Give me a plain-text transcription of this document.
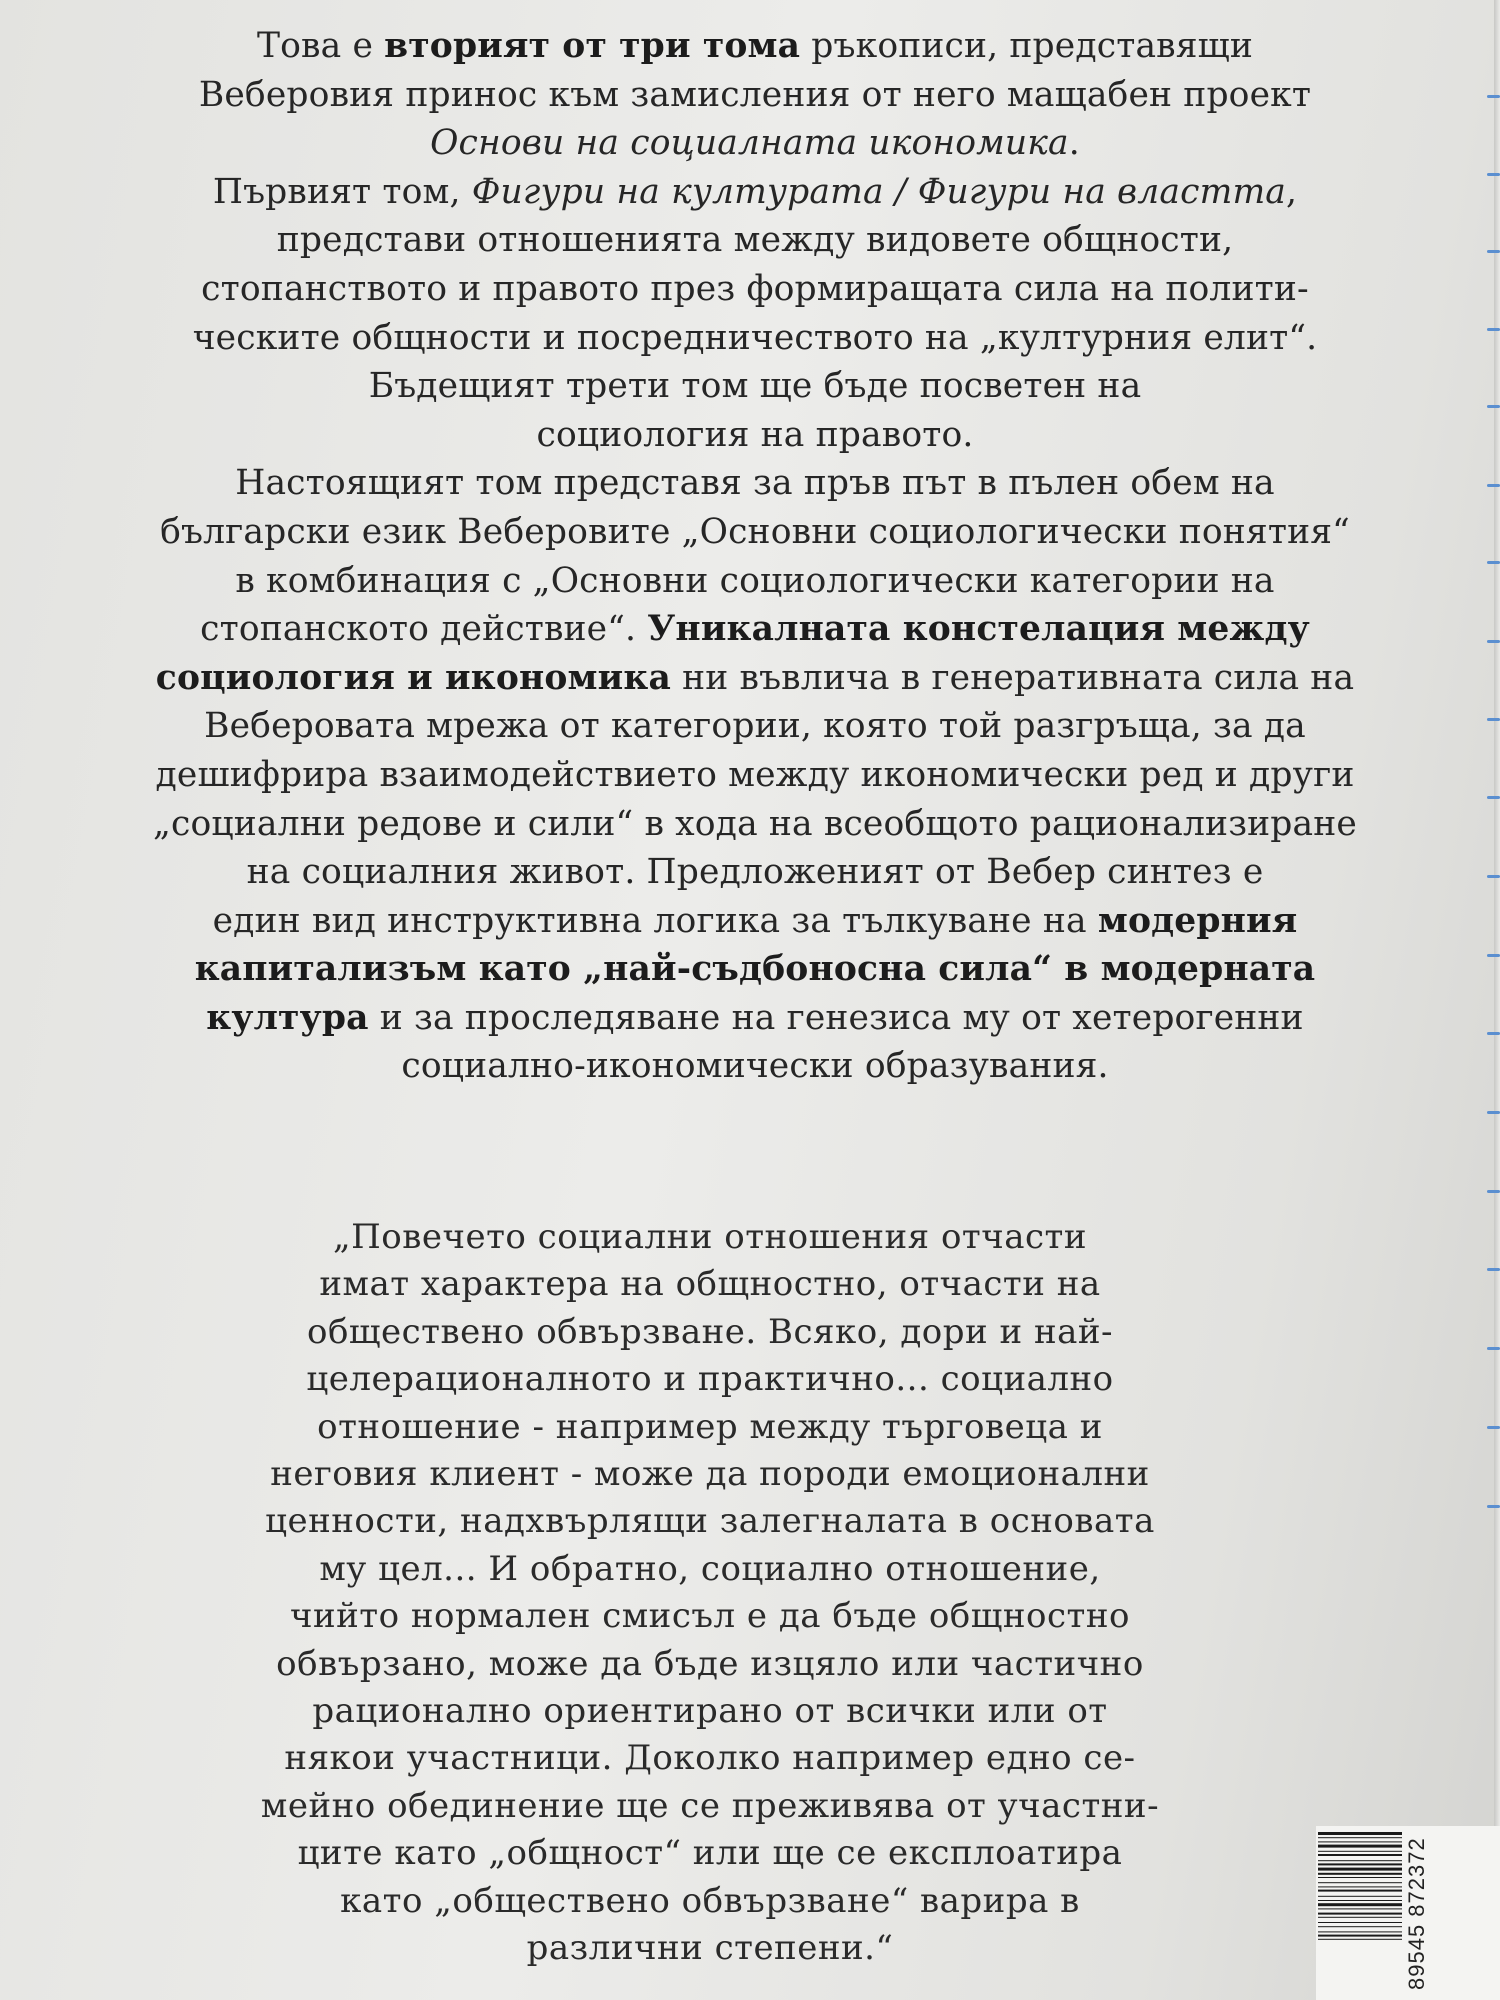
Това е вторият от три тома ръкописи, представящи
Веберовия принос към замисления от него мащабен проект
Основи на социалната икономика.
Първият том, Фигури на културата / Фигури на властта,
представи отношенията между видовете общности,
стопанството и правото през формиращата сила на полити-
ческите общности и посредничеството на „културния елит“.
Бъдещият трети том ще бъде посветен на
социология на правото.
Настоящият том представя за пръв път в пълен обем на
български език Веберовите „Основни социологически понятия“
в комбинация с „Основни социологически категории на
стопанското действие“. Уникалната констелация между
социология и икономика ни въвлича в генеративната сила на
Веберовата мрежа от категории, която той разгръща, за да
дешифрира взаимодействието между икономически ред и други
„социални редове и сили“ в хода на всеобщото рационализиране
на социалния живот. Предложеният от Вебер синтез е
един вид инструктивна логика за тълкуване на модерния
капитализъм като „най-съдбоносна сила“ в модерната
култура и за проследяване на генезиса му от хетерогенни
социално-икономически образувания.
„Повечето социални отношения отчасти
имат характера на общностно, отчасти на
обществено обвързване. Всяко, дори и най-
целерационалното и практично... социално
отношение - например между търговеца и
неговия клиент - може да породи емоционални
ценности, надхвърлящи залегналата в основата
му цел... И обратно, социално отношение,
чийто нормален смисъл е да бъде общностно
обвързано, може да бъде изцяло или частично
рационално ориентирано от всички или от
някои участници. Доколко например едно се-
мейно обединение ще се преживява от участни-
ците като „общност“ или ще се експлоатира
като „обществено обвързване“ варира в
различни степени.“	89545 872372
